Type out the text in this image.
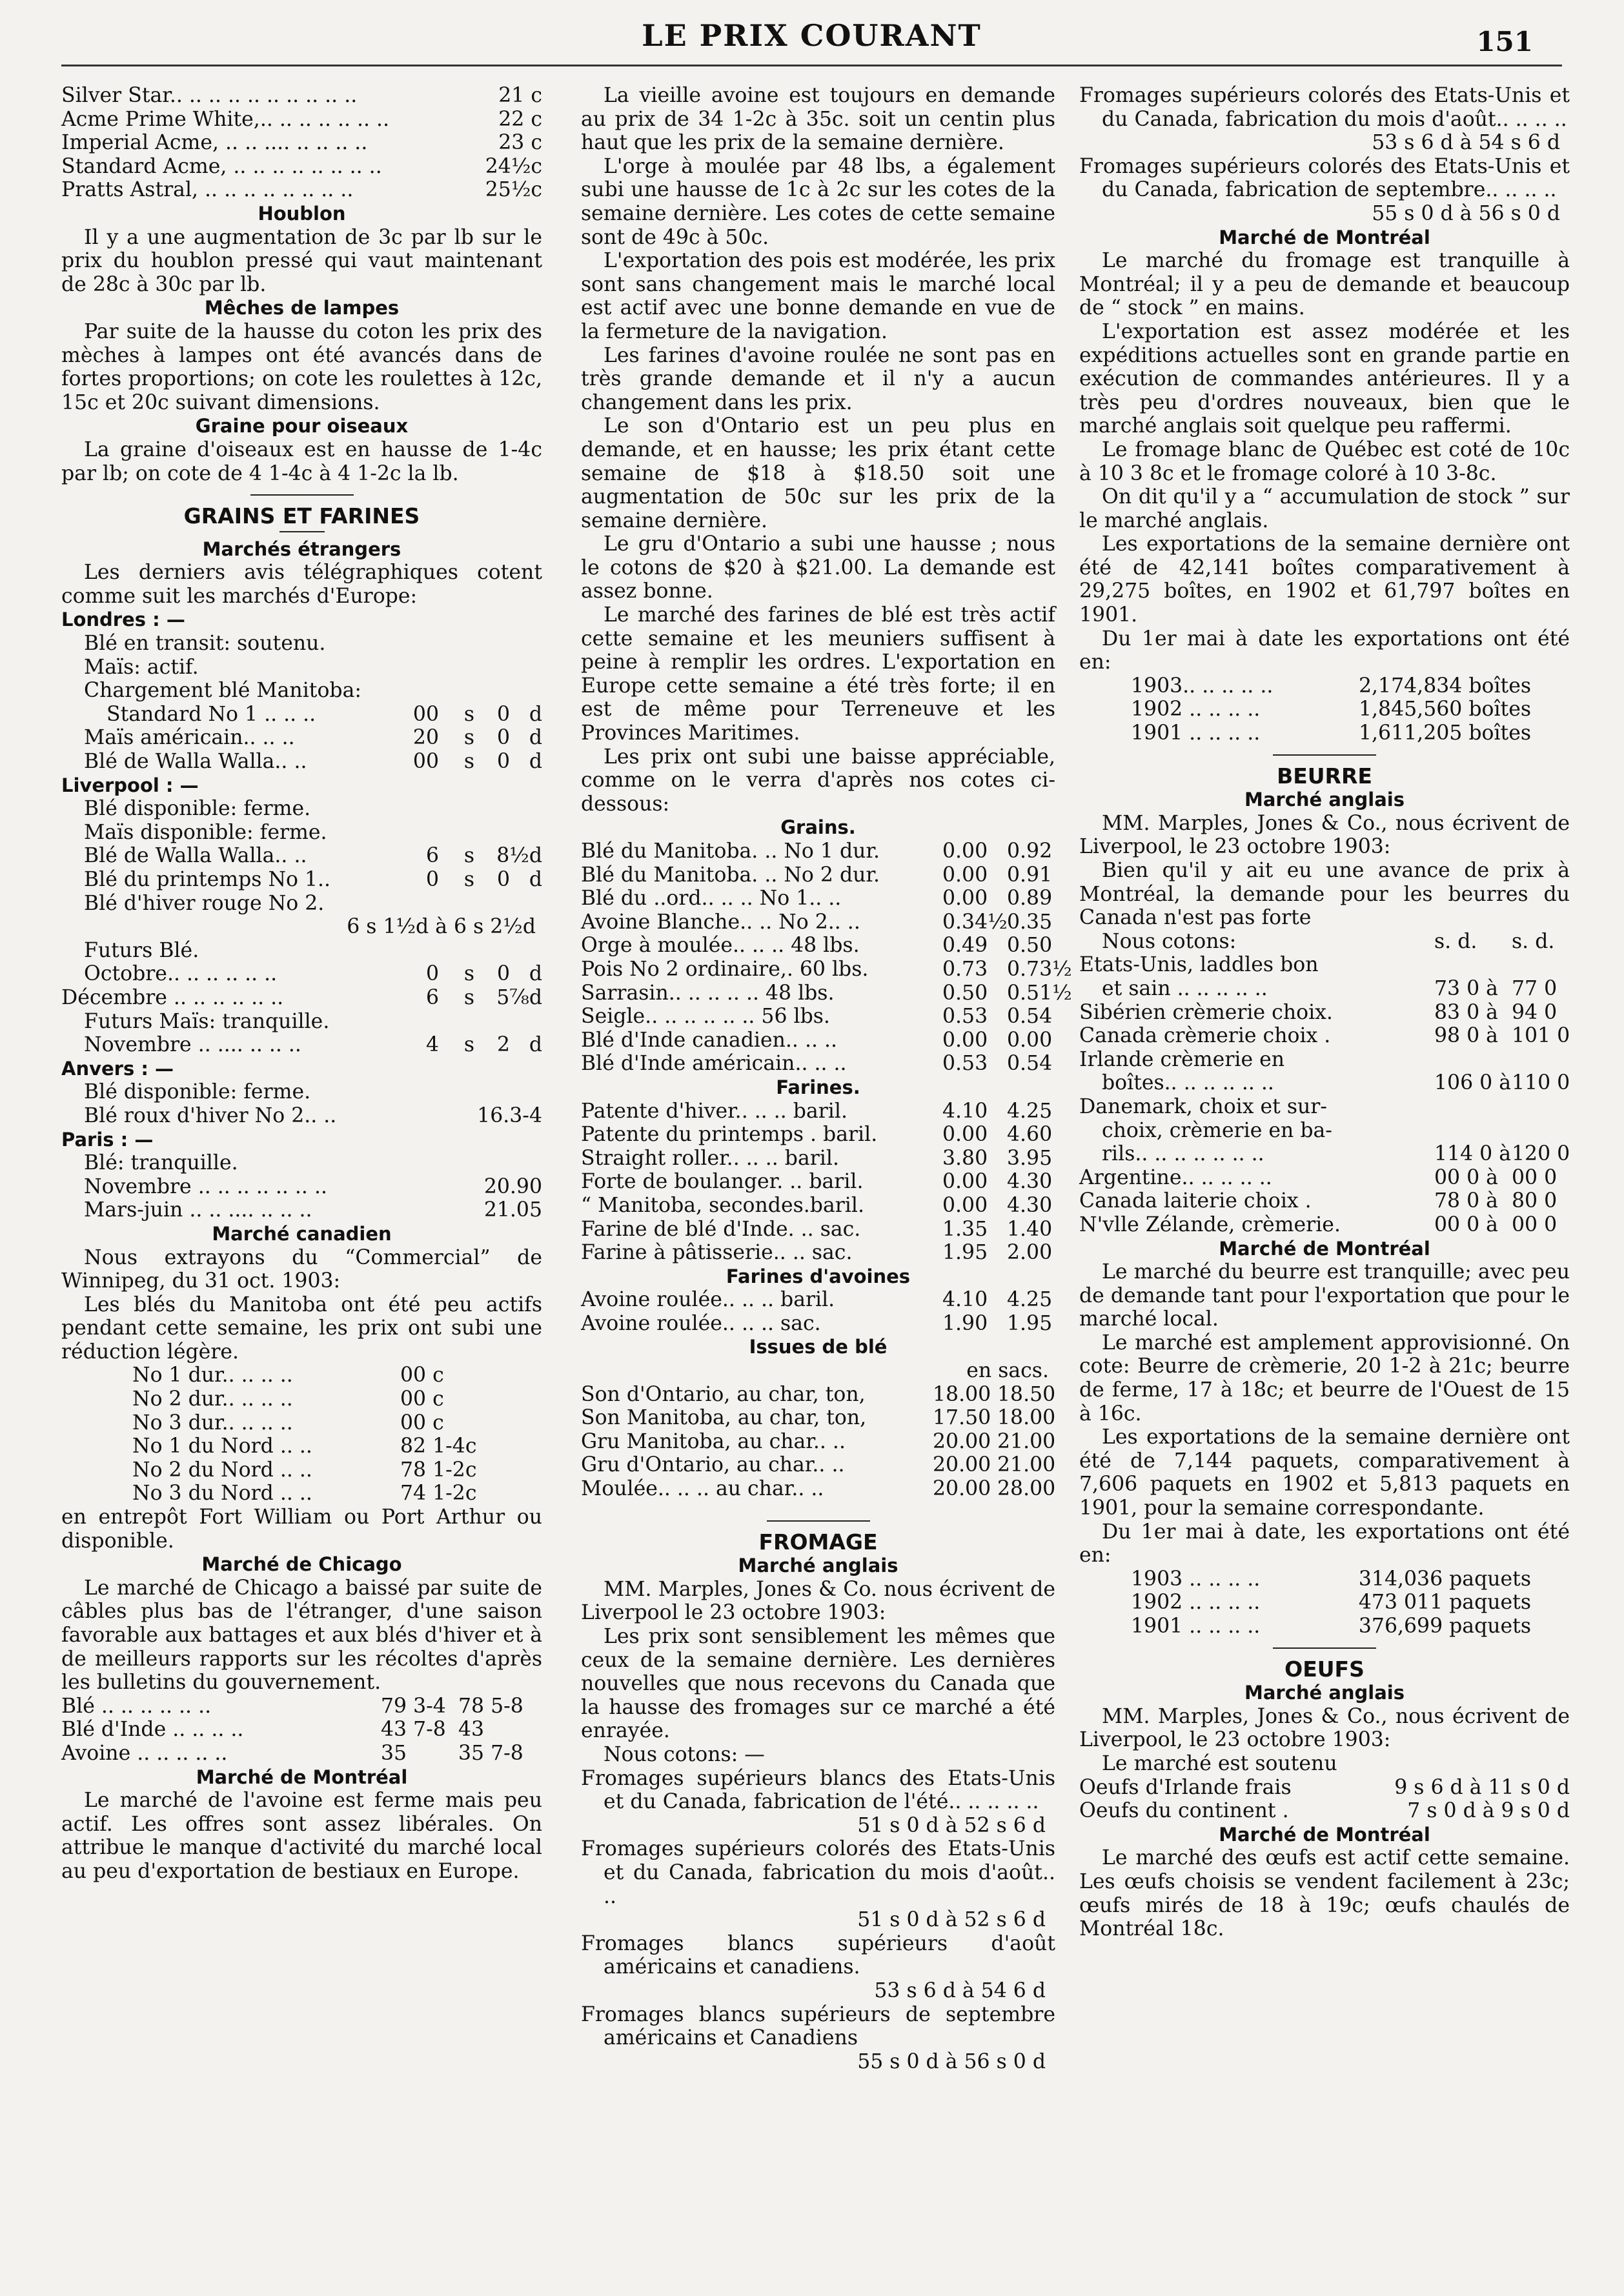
LE PRIX COURANT	151
Silver Star.. .. .. .. .. .. .. .. .. ..	21 c
Acme Prime White,.. .. .. .. .. .. ..	22 c
Imperial Acme, .. .. .... .. .. .. ..	23 c
Standard Acme, .. .. .. .. .. .. .. ..	24½c
Pratts Astral, .. .. .. .. .. .. .. ..	25½c

Houblon

Il y a une augmentation de 3c par lb sur le prix du houblon pressé qui vaut maintenant de 28c à 30c par lb.

Mêches de lampes

Par suite de la hausse du coton les prix des mèches à lampes ont été avancés dans de fortes proportions; on cote les roulettes à 12c, 15c et 20c suivant dimensions.

Graine pour oiseaux

La graine d'oiseaux est en hausse de 1-4c par lb; on cote de 4 1-4c à 4 1-2c la lb.

GRAINS ET FARINES

Marchés étrangers

Les derniers avis télégraphiques cotent comme suit les marchés d'Europe:

Londres : —

Blé en transit: soutenu.

Maïs: actif.

Chargement blé Manitoba:

Standard No 1 .. .. ..	00	s	0 d
Maïs américain.. .. ..	20	s	0 d
Blé de Walla Walla.. ..	00	s	0 d

Liverpool : —

Blé disponible: ferme.

Maïs disponible: ferme.

Blé de Walla Walla.. ..	6	s	8½d
Blé du printemps No 1..	0	s	0 d

Blé d'hiver rouge No 2.

6 s 1½d à 6 s 2½d

Futurs Blé.

Octobre.. .. .. .. .. ..	0	s	0 d
Décembre .. .. .. .. .. ..	6	s	5⅞d

Futurs Maïs: tranquille.

Novembre .. .... .. .. ..	4	s	2 d

Anvers : —

Blé disponible: ferme.

Blé roux d'hiver No 2.. ..	16.3-4

Paris : —

Blé: tranquille.

Novembre .. .. .. .. .. .. ..	20.90
Mars-juin .. .. .... .. .. ..	21.05

Marché canadien

Nous extrayons du “Commercial” de Winnipeg, du 31 oct. 1903:

Les blés du Manitoba ont été peu actifs pendant cette semaine, les prix ont subi une réduction légère.

No 1 dur.. .. .. ..	00 c
No 2 dur.. .. .. ..	00 c
No 3 dur.. .. .. ..	00 c
No 1 du Nord .. ..	82 1-4c
No 2 du Nord .. ..	78 1-2c
No 3 du Nord .. ..	74 1-2c

en entrepôt Fort William ou Port Arthur ou disponible.

Marché de Chicago

Le marché de Chicago a baissé par suite de câbles plus bas de l'étranger, d'une saison favorable aux battages et aux blés d'hiver et à de meilleurs rapports sur les récoltes d'après les bulletins du gouvernement.

Blé .. .. .. .. .. ..	79 3-4 78 5-8
Blé d'Inde .. .. .. ..	43 7-8 43
Avoine .. .. .. .. ..	35	35 7-8

Marché de Montréal

Le marché de l'avoine est ferme mais peu actif. Les offres sont assez libérales. On attribue le manque d'activité du marché local au peu d'exportation de bestiaux en Europe.

La vieille avoine est toujours en demande au prix de 34 1-2c à 35c. soit un centin plus haut que les prix de la semaine dernière.

L'orge à moulée par 48 lbs, a également subi une hausse de 1c à 2c sur les cotes de la semaine dernière. Les cotes de cette semaine sont de 49c à 50c.

L'exportation des pois est modérée, les prix sont sans changement mais le marché local est actif avec une bonne demande en vue de la fermeture de la navigation.

Les farines d'avoine roulée ne sont pas en très grande demande et il n'y a aucun changement dans les prix.

Le son d'Ontario est un peu plus en demande, et en hausse; les prix étant cette semaine de $18 à $18.50 soit une augmentation de 50c sur les prix de la semaine dernière.

Le gru d'Ontario a subi une hausse ; nous le cotons de $20 à $21.00. La demande est assez bonne.

Le marché des farines de blé est très actif cette semaine et les meuniers suffisent à peine à remplir les ordres. L'exportation en Europe cette semaine a été très forte; il en est de même pour Terreneuve et les Provinces Maritimes.

Les prix ont subi une baisse appréciable, comme on le verra d'après nos cotes ci-dessous:

Grains.

Blé du Manitoba. .. No 1 dur.	0.00 0.92
Blé du Manitoba. .. No 2 dur.	0.00 0.91
Blé du ..ord.. .. .. No 1.. ..	0.00 0.89
Avoine Blanche.. .. No 2.. ..	0.34½ 0.35
Orge à moulée.. .. .. 48 lbs.	0.49 0.50
Pois No 2 ordinaire,. 60 lbs.	0.73 0.73½
Sarrasin.. .. .. .. .. 48 lbs.	0.50 0.51½
Seigle.. .. .. .. .. .. 56 lbs.	0.53 0.54
Blé d'Inde canadien.. .. ..	0.00 0.00
Blé d'Inde américain.. .. ..	0.53 0.54

Farines.

Patente d'hiver.. .. .. baril.	4.10 4.25
Patente du printemps . baril.	0.00 4.60
Straight roller.. .. .. baril.	3.80 3.95
Forte de boulanger. .. baril.	0.00 4.30
“ Manitoba, secondes.baril.	0.00 4.30
Farine de blé d'Inde. .. sac.	1.35 1.40
Farine à pâtisserie.. .. sac.	1.95 2.00

Farines d'avoines

Avoine roulée.. .. .. baril.	4.10 4.25
Avoine roulée.. .. .. sac.	1.90 1.95

Issues de blé

en sacs.

Son d'Ontario, au char, ton,	18.00 18.50
Son Manitoba, au char, ton,	17.50 18.00
Gru Manitoba, au char.. ..	20.00 21.00
Gru d'Ontario, au char.. ..	20.00 21.00
Moulée.. .. .. au char.. ..	20.00 28.00

FROMAGE

Marché anglais

MM. Marples, Jones & Co. nous écrivent de Liverpool le 23 octobre 1903:

Les prix sont sensiblement les mêmes que ceux de la semaine dernière. Les dernières nouvelles que nous recevons du Canada que la hausse des fromages sur ce marché a été enrayée.

Nous cotons: —

Fromages supérieurs blancs des Etats-Unis et du Canada, fabrication de l'été.. .. .. .. ..

51 s 0 d à 52 s 6 d

Fromages supérieurs colorés des Etats-Unis et du Canada, fabrication du mois d'août.. ..

51 s 0 d à 52 s 6 d

Fromages blancs supérieurs d'août américains et canadiens.

53 s 6 d à 54 6 d

Fromages blancs supérieurs de septembre américains et Canadiens

55 s 0 d à 56 s 0 d

Fromages supérieurs colorés des Etats-Unis et du Canada, fabrication du mois d'août.. .. .. ..

53 s 6 d à 54 s 6 d

Fromages supérieurs colorés des Etats-Unis et du Canada, fabrication de septembre.. .. .. ..

55 s 0 d à 56 s 0 d

Marché de Montréal

Le marché du fromage est tranquille à Montréal; il y a peu de demande et beaucoup de “ stock ” en mains.

L'exportation est assez modérée et les expéditions actuelles sont en grande partie en exécution de commandes antérieures. Il y a très peu d'ordres nouveaux, bien que le marché anglais soit quelque peu raffermi.

Le fromage blanc de Québec est coté de 10c à 10 3 8c et le fromage coloré à 10 3-8c.

On dit qu'il y a “ accumulation de stock ” sur le marché anglais.

Les exportations de la semaine dernière ont été de 42,141 boîtes comparativement à 29,275 boîtes, en 1902 et 61,797 boîtes en 1901.

Du 1er mai à date les exportations ont été en:

1903.. .. .. .. ..	2,174,834 boîtes
1902 .. .. .. ..	1,845,560 boîtes
1901 .. .. .. ..	1,611,205 boîtes

BEURRE

Marché anglais

MM. Marples, Jones & Co., nous écrivent de Liverpool, le 23 octobre 1903:

Bien qu'il y ait eu une avance de prix à Montréal, la demande pour les beurres du Canada n'est pas forte

Nous cotons:	s. d.	s. d.

Etats-Unis, laddles bon

et sain .. .. .. .. ..	73 0 à 77 0
Sibérien crèmerie choix.	83 0 à 94 0
Canada crèmerie choix .	98 0 à 101 0

Irlande crèmerie en

boîtes.. .. .. .. .. ..	106 0 à 110 0

Danemark, choix et sur-

choix, crèmerie en ba-

rils.. .. .. .. .. .. ..	114 0 à 120 0
Argentine.. .. .. .. ..	00 0 à 00 0
Canada laiterie choix .	78 0 à 80 0
N'vlle Zélande, crèmerie.	00 0 à 00 0

Marché de Montréal

Le marché du beurre est tranquille; avec peu de demande tant pour l'exportation que pour le marché local.

Le marché est amplement approvisionné. On cote: Beurre de crèmerie, 20 1-2 à 21c; beurre de ferme, 17 à 18c; et beurre de l'Ouest de 15 à 16c.

Les exportations de la semaine dernière ont été de 7,144 paquets, comparativement à 7,606 paquets en 1902 et 5,813 paquets en 1901, pour la semaine correspondante.

Du 1er mai à date, les exportations ont été en:

1903 .. .. .. ..	314,036 paquets
1902 .. .. .. ..	473 011 paquets
1901 .. .. .. ..	376,699 paquets

OEUFS

Marché anglais

MM. Marples, Jones & Co., nous écrivent de Liverpool, le 23 octobre 1903:

Le marché est soutenu

Oeufs d'Irlande frais	9 s 6 d à 11 s 0 d
Oeufs du continent .	7 s 0 d à 9 s 0 d

Marché de Montréal

Le marché des œufs est actif cette semaine. Les œufs choisis se vendent facilement à 23c; œufs mirés de 18 à 19c; œufs chaulés de Montréal 18c.
